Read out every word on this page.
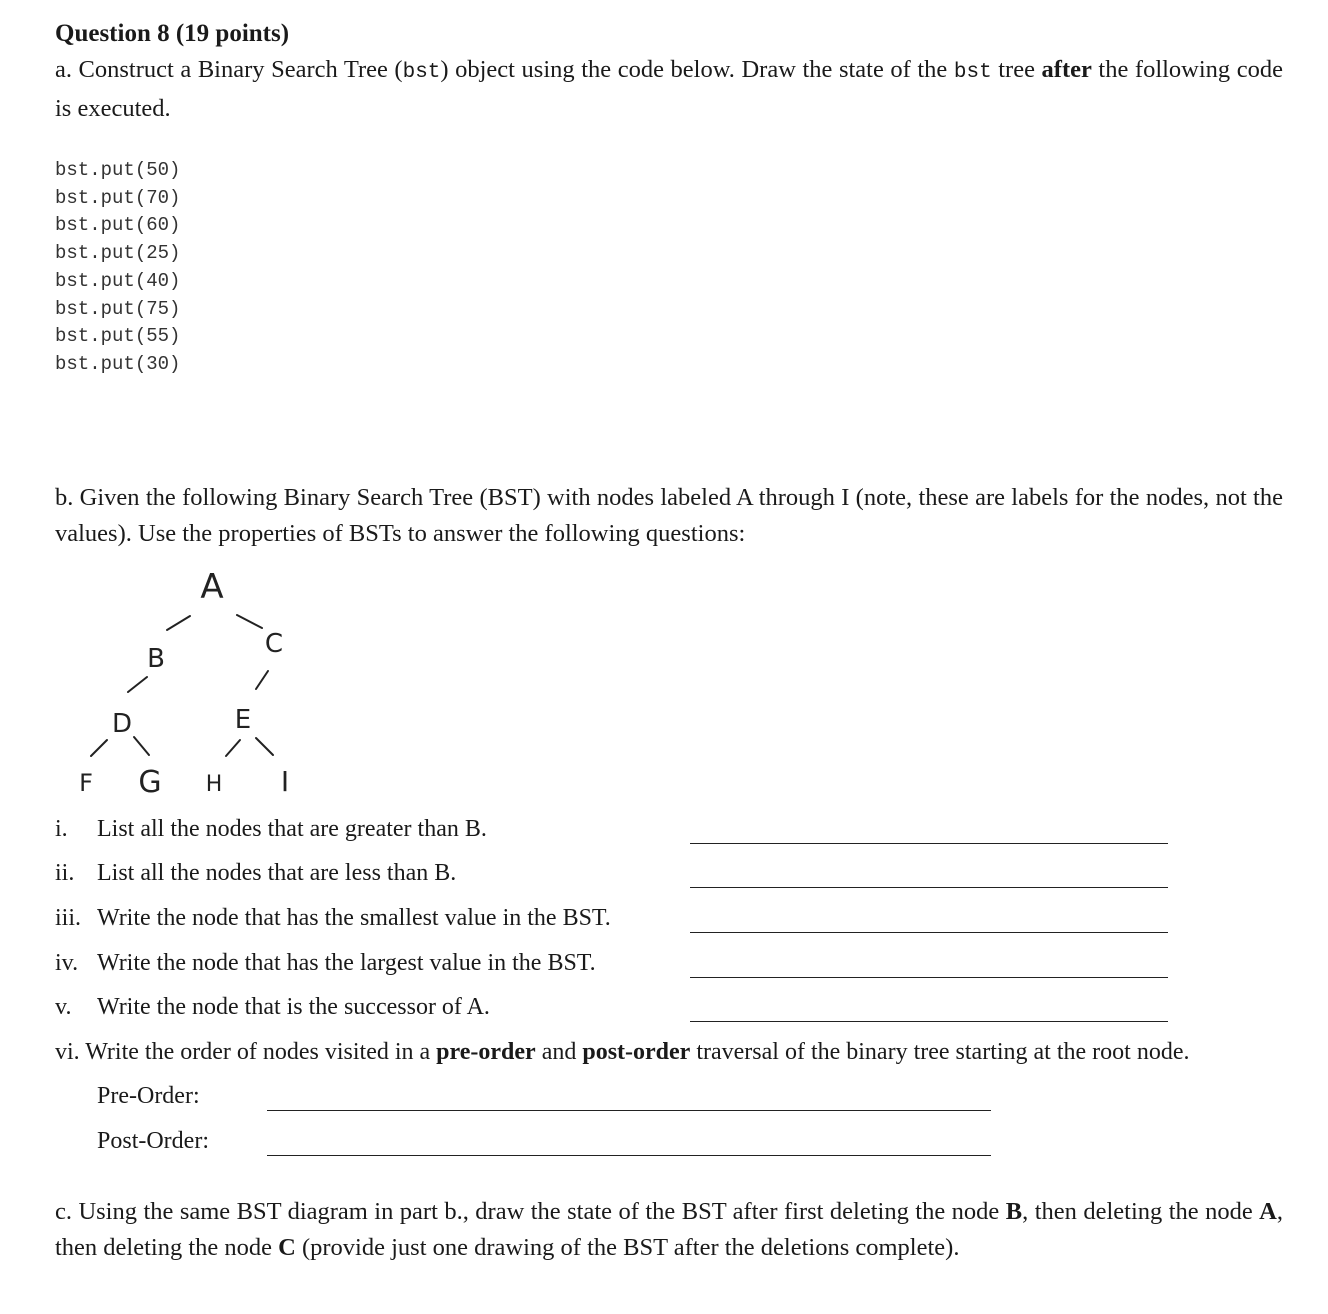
Question 8 (19 points)
a. Construct a Binary Search Tree (bst) object using the code below. Draw the state of the bst tree after the following code is executed.
bst.put(50)
bst.put(70)
bst.put(60)
bst.put(25)
bst.put(40)
bst.put(75)
bst.put(55)
bst.put(30)
b. Given the following Binary Search Tree (BST) with nodes labeled A through I (note, these are labels for the nodes, not the values). Use the properties of BSTs to answer the following questions:
A
B	C
D	E
F G H I
i. List all the nodes that are greater than B.
ii. List all the nodes that are less than B.
iii. Write the node that has the smallest value in the BST.
iv. Write the node that has the largest value in the BST.
v. Write the node that is the successor of A.
vi. Write the order of nodes visited in a pre-order and post-order traversal of the binary tree starting at the root node.
Pre-Order:
Post-Order:
c. Using the same BST diagram in part b., draw the state of the BST after first deleting the node B, then deleting the node A, then deleting the node C (provide just one drawing of the BST after the deletions complete).
